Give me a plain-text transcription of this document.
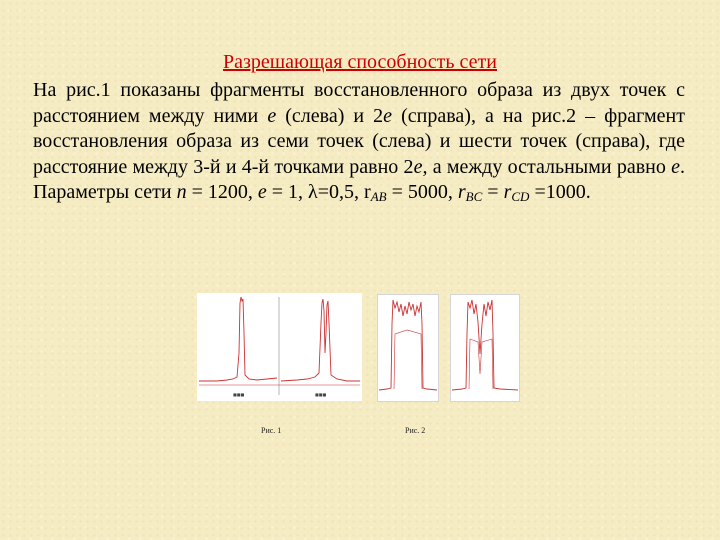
Разрешающая способность сети

На рис.1 показаны фрагменты восстановленного образа из двух точек с расстоянием между ними e (слева) и 2e (справа), а на рис.2 – фрагмент восстановления образа из семи точек (слева) и шести точек (справа), где расстояние между 3-й и 4-й точками равно 2e, а между остальными равно e. Параметры сети n = 1200, e = 1, λ=0,5, $r_{AB} = 5000$, $r_{BC} = r_{CD} =1000$.

■■■	■■■
Рис. 1	Рис. 2
